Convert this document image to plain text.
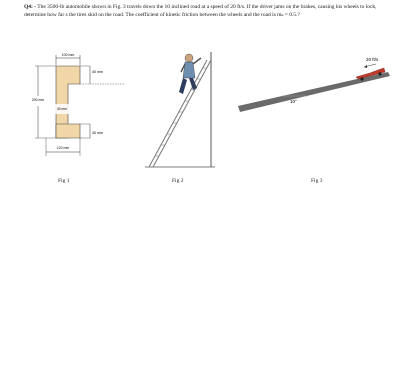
Q4: - The 3500-lb automobile shown in Fig. 3 travels down the 10 inclined road at a speed of 20 ft/s. If the driver jams on the brakes, causing his wheels to lock, determine how far s the tires skid on the road. The coefficient of kinetic friction between the wheels and the road is mₖ = 0.5.?
100 mm
40 mm
200 mm
40 mm
40 mm
120 mm
Fig 1	Fig 2
10°
20 ft/s
Fig 3
